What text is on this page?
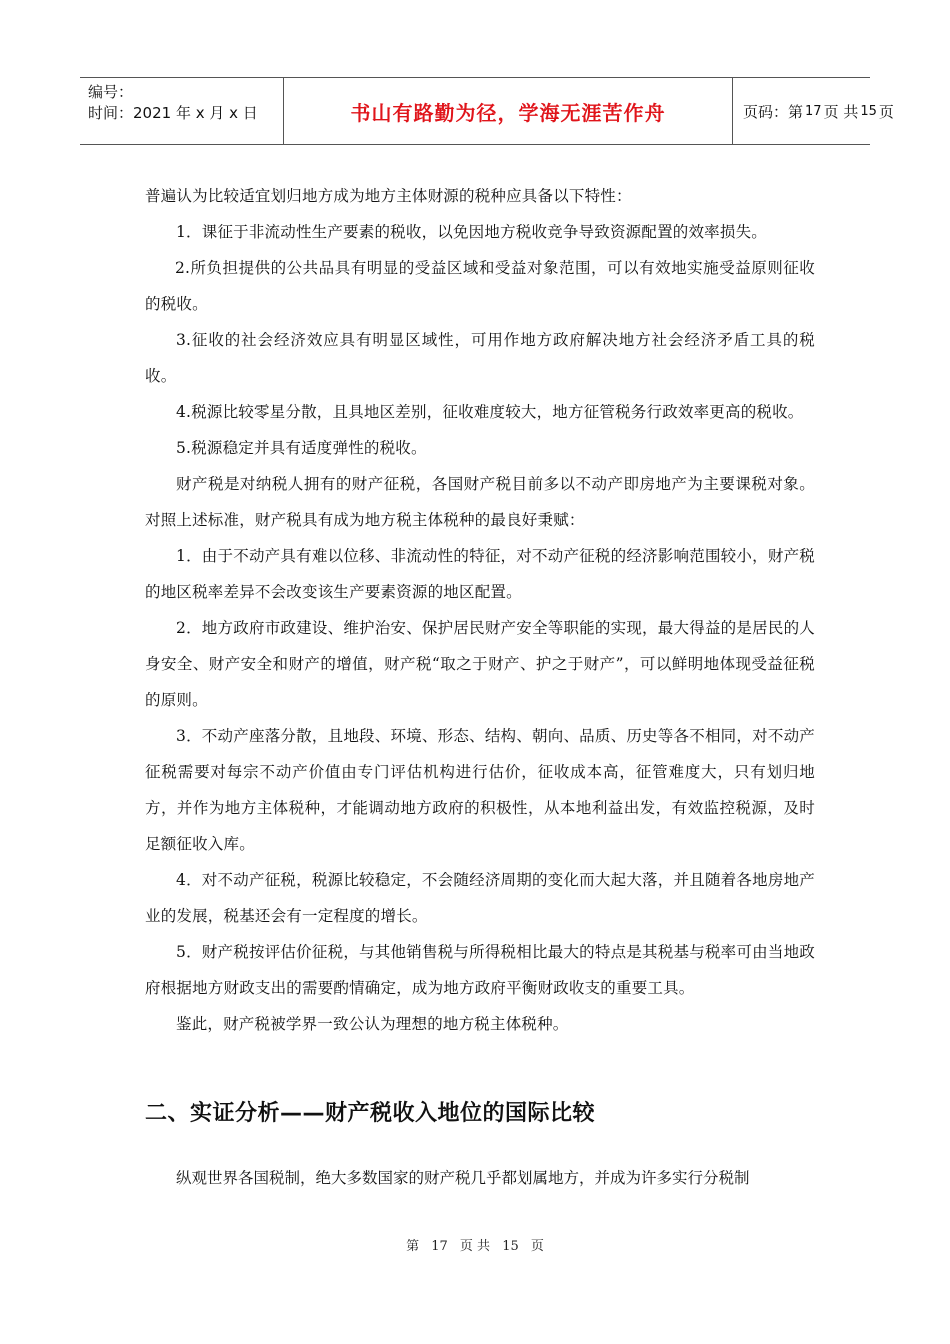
编号：
时间：2021 年 x 月 x 日	书山有路勤为径，学海无涯苦作舟	页码：第 17 页 共 15 页

普遍认为比较适宜划归地方成为地方主体财源的税种应具备以下特性：

1．课征于非流动性生产要素的税收，以免因地方税收竞争导致资源配置的效率损失。

2.所负担提供的公共品具有明显的受益区域和受益对象范围，可以有效地实施受益原则征收的税收。

3.征收的社会经济效应具有明显区域性，可用作地方政府解决地方社会经济矛盾工具的税收。

4.税源比较零星分散，且具地区差别，征收难度较大，地方征管税务行政效率更高的税收。

5.税源稳定并具有适度弹性的税收。

财产税是对纳税人拥有的财产征税，各国财产税目前多以不动产即房地产为主要课税对象。对照上述标准，财产税具有成为地方税主体税种的最良好秉赋：

1．由于不动产具有难以位移、非流动性的特征，对不动产征税的经济影响范围较小，财产税的地区税率差异不会改变该生产要素资源的地区配置。

2．地方政府市政建设、维护治安、保护居民财产安全等职能的实现，最大得益的是居民的人身安全、财产安全和财产的增值，财产税“取之于财产、护之于财产”，可以鲜明地体现受益征税的原则。

3．不动产座落分散，且地段、环境、形态、结构、朝向、品质、历史等各不相同，对不动产征税需要对每宗不动产价值由专门评估机构进行估价，征收成本高，征管难度大，只有划归地方，并作为地方主体税种，才能调动地方政府的积极性，从本地利益出发，有效监控税源，及时足额征收入库。

4．对不动产征税，税源比较稳定，不会随经济周期的变化而大起大落，并且随着各地房地产业的发展，税基还会有一定程度的增长。

5．财产税按评估价征税，与其他销售税与所得税相比最大的特点是其税基与税率可由当地政府根据地方财政支出的需要酌情确定，成为地方政府平衡财政收支的重要工具。

鉴此，财产税被学界一致公认为理想的地方税主体税种。

二、实证分析——财产税收入地位的国际比较
纵观世界各国税制，绝大多数国家的财产税几乎都划属地方，并成为许多实行分税制
第 17 页 共 15 页
